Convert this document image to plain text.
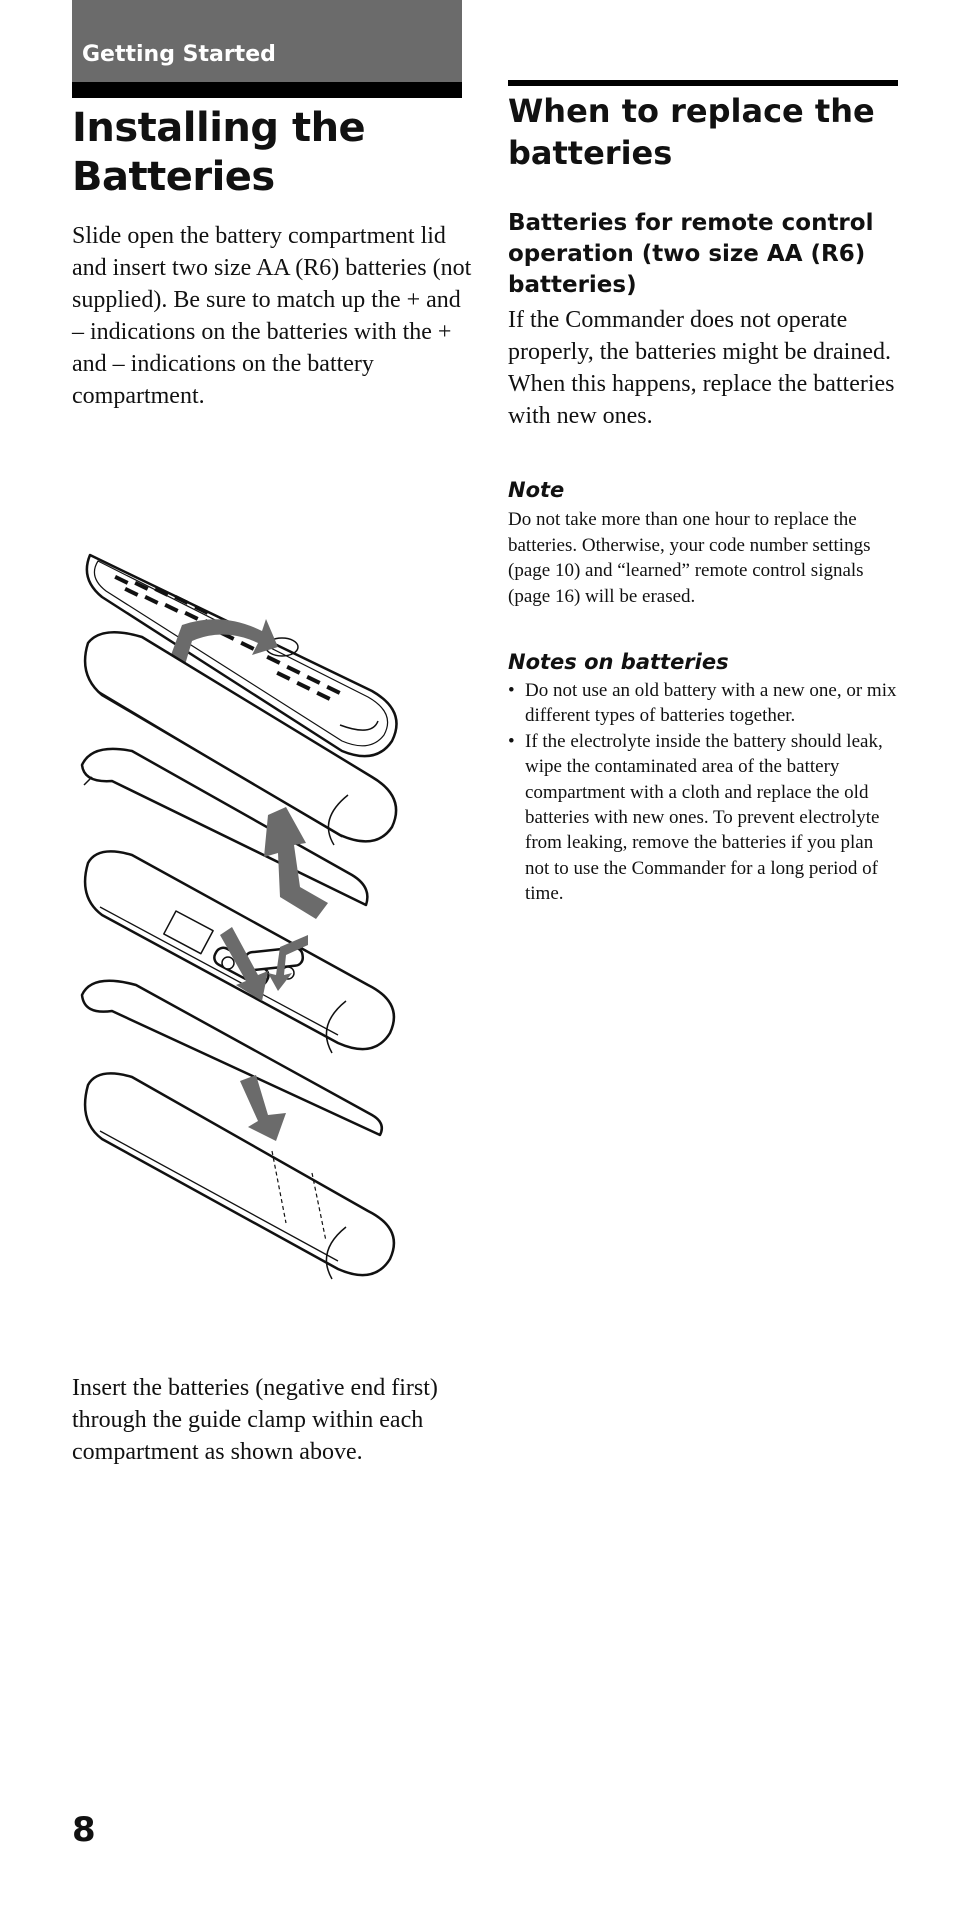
Getting Started
Installing the
Batteries

Slide open the battery compartment lid and insert two size AA (R6) batteries (not supplied). Be sure to match up the + and – indications on the batteries with the + and – indications on the battery compartment.

Insert the batteries (negative end first) through the guide clamp within each compartment as shown above.

When to replace the
batteries
Batteries for remote control
operation (two size AA (R6)
batteries)

If the Commander does not operate properly, the batteries might be drained. When this happens, replace the batteries with new ones.

Note

Do not take more than one hour to replace the batteries. Otherwise, your code number settings (page 10) and “learned” remote control signals (page 16) will be erased.

Notes on batteries

• Do not use an old battery with a new one, or mix different types of batteries together.
• If the electrolyte inside the battery should leak, wipe the contaminated area of the battery compartment with a cloth and replace the old batteries with new ones. To prevent electrolyte from leaking, remove the batteries if you plan not to use the Commander for a long period of time.

8
